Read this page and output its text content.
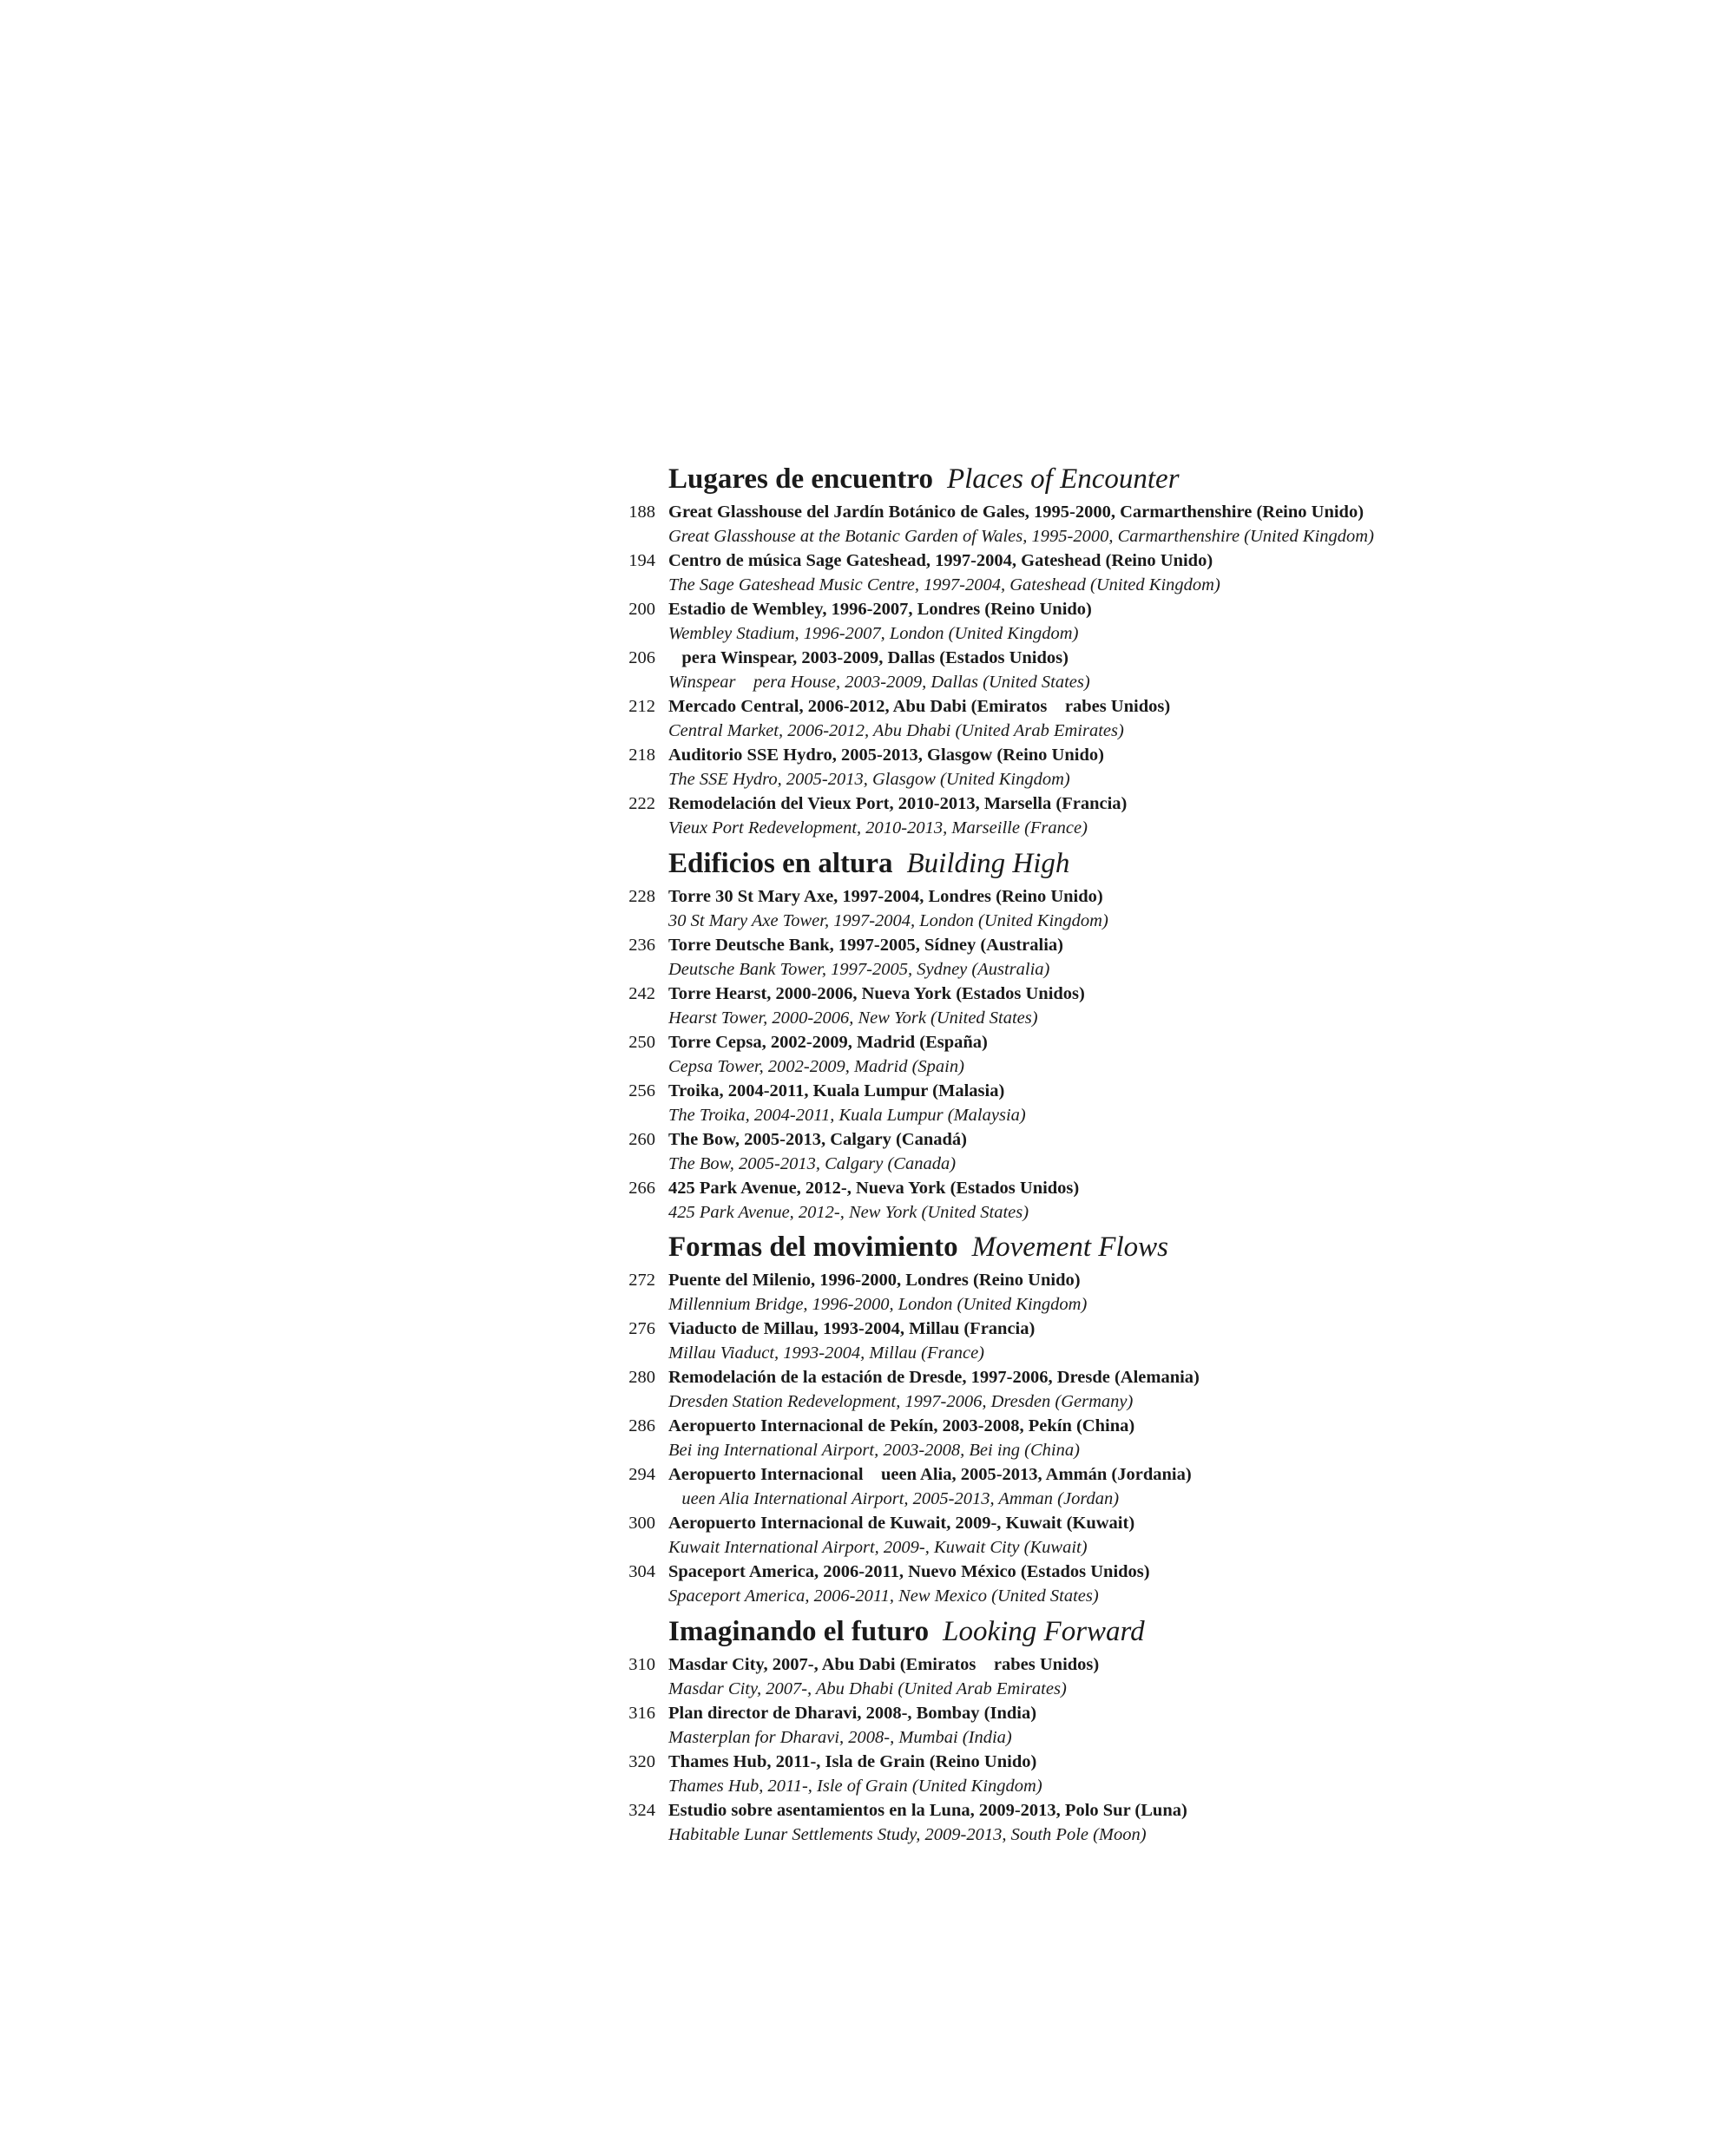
Lugares de encuentro Places of Encounter
188 Great Glasshouse del Jardín Botánico de Gales, 1995-2000, Carmarthenshire (Reino Unido)
Great Glasshouse at the Botanic Garden of Wales, 1995-2000, Carmarthenshire (United Kingdom)
194 Centro de música Sage Gateshead, 1997-2004, Gateshead (Reino Unido)
The Sage Gateshead Music Centre, 1997-2004, Gateshead (United Kingdom)
200 Estadio de Wembley, 1996-2007, Londres (Reino Unido)
Wembley Stadium, 1996-2007, London (United Kingdom)
206 pera Winspear, 2003-2009, Dallas (Estados Unidos)
Winspear    pera House, 2003-2009, Dallas (United States)
212 Mercado Central, 2006-2012, Abu Dabi (Emiratos    rabes Unidos)
Central Market, 2006-2012, Abu Dhabi (United Arab Emirates)
218 Auditorio SSE Hydro, 2005-2013, Glasgow (Reino Unido)
The SSE Hydro, 2005-2013, Glasgow (United Kingdom)
222 Remodelación del Vieux Port, 2010-2013, Marsella (Francia)
Vieux Port Redevelopment, 2010-2013, Marseille (France)
Edificios en altura Building High
228 Torre 30 St Mary Axe, 1997-2004, Londres (Reino Unido)
30 St Mary Axe Tower, 1997-2004, London (United Kingdom)
236 Torre Deutsche Bank, 1997-2005, Sídney (Australia)
Deutsche Bank Tower, 1997-2005, Sydney (Australia)
242 Torre Hearst, 2000-2006, Nueva York (Estados Unidos)
Hearst Tower, 2000-2006, New York (United States)
250 Torre Cepsa, 2002-2009, Madrid (España)
Cepsa Tower, 2002-2009, Madrid (Spain)
256 Troika, 2004-2011, Kuala Lumpur (Malasia)
The Troika, 2004-2011, Kuala Lumpur (Malaysia)
260 The Bow, 2005-2013, Calgary (Canadá)
The Bow, 2005-2013, Calgary (Canada)
266 425 Park Avenue, 2012-, Nueva York (Estados Unidos)
425 Park Avenue, 2012-, New York (United States)
Formas del movimiento Movement Flows
272 Puente del Milenio, 1996-2000, Londres (Reino Unido)
Millennium Bridge, 1996-2000, London (United Kingdom)
276 Viaducto de Millau, 1993-2004, Millau (Francia)
Millau Viaduct, 1993-2004, Millau (France)
280 Remodelación de la estación de Dresde, 1997-2006, Dresde (Alemania)
Dresden Station Redevelopment, 1997-2006, Dresden (Germany)
286 Aeropuerto Internacional de Pekín, 2003-2008, Pekín (China)
Bei ing International Airport, 2003-2008, Bei ing (China)
294 Aeropuerto Internacional    ueen Alia, 2005-2013, Ammán (Jordania)
ueen Alia International Airport, 2005-2013, Amman (Jordan)
300 Aeropuerto Internacional de Kuwait, 2009-, Kuwait (Kuwait)
Kuwait International Airport, 2009-, Kuwait City (Kuwait)
304 Spaceport America, 2006-2011, Nuevo México (Estados Unidos)
Spaceport America, 2006-2011, New Mexico (United States)
Imaginando el futuro Looking Forward
310 Masdar City, 2007-, Abu Dabi (Emiratos    rabes Unidos)
Masdar City, 2007-, Abu Dhabi (United Arab Emirates)
316 Plan director de Dharavi, 2008-, Bombay (India)
Masterplan for Dharavi, 2008-, Mumbai (India)
320 Thames Hub, 2011-, Isla de Grain (Reino Unido)
Thames Hub, 2011-, Isle of Grain (United Kingdom)
324 Estudio sobre asentamientos en la Luna, 2009-2013, Polo Sur (Luna)
Habitable Lunar Settlements Study, 2009-2013, South Pole (Moon)
